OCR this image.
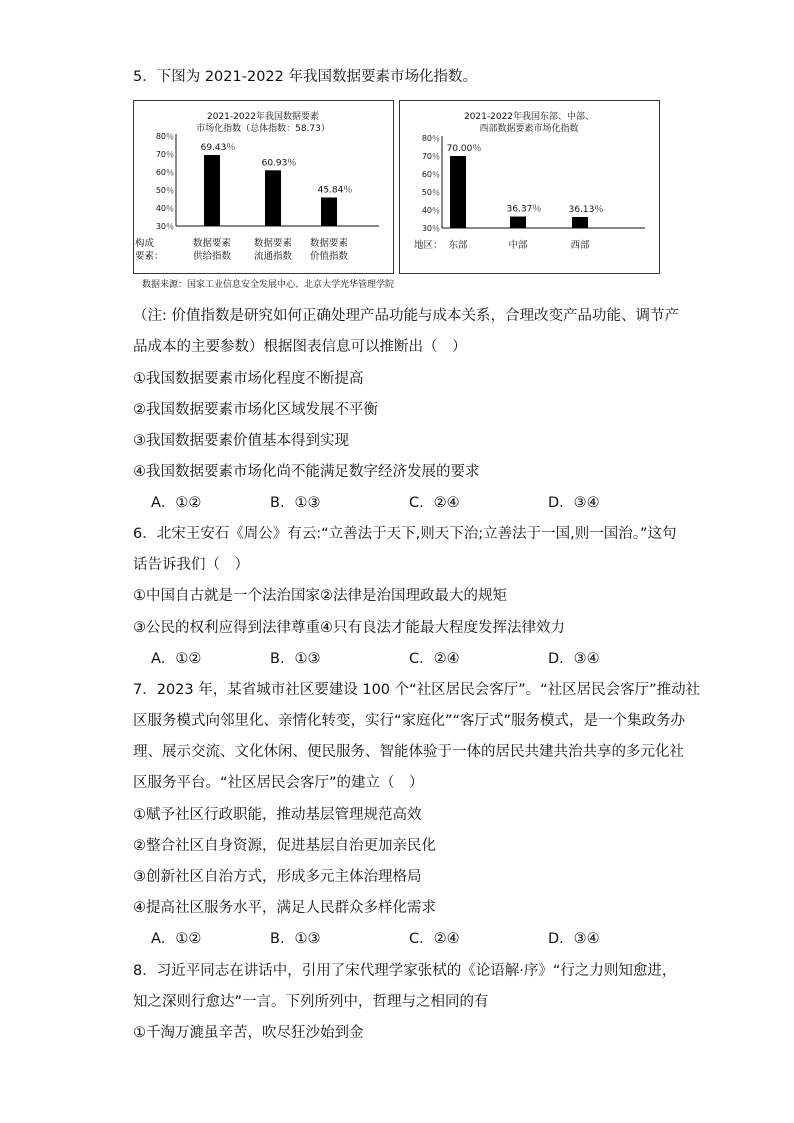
5．下图为 2021-2022 年我国数据要素市场化指数。
2021-2022年我国数据要素
市场化指数（总体指数：58.73）
80％
70％
60％
50％
40％
30％
69.43％
60.93％
45.84％
数据要素
供给指数
数据要素
流通指数
数据要素
价值指数
构成
要素：
2021-2022年我国东部、中部、
西部数据要素市场化指数
80％
70％
60％
50％
40％
30％
70.00％
36.37％	36.13％
东部	中部	西部
地区：
数据来源：国家工业信息安全发展中心、北京大学光华管理学院
（注: 价值指数是研究如何正确处理产品功能与成本关系，合理改变产品功能、调节产
品成本的主要参数）根据图表信息可以推断出（　）
①我国数据要素市场化程度不断提高
②我国数据要素市场化区域发展不平衡
③我国数据要素价值基本得到实现
④我国数据要素市场化尚不能满足数字经济发展的要求
A．①②	B．①③	C．②④	D．③④
6．北宋王安石《周公》有云:“立善法于天下,则天下治;立善法于一国,则一国治。”这句
话告诉我们（　）
①中国自古就是一个法治国家②法律是治国理政最大的规矩
③公民的权利应得到法律尊重④只有良法才能最大程度发挥法律效力
A．①②	B．①③	C．②④	D．③④
7．2023 年，某省城市社区要建设 100 个“社区居民会客厅”。“社区居民会客厅”推动社
区服务模式向邻里化、亲情化转变，实行“家庭化”“客厅式”服务模式，是一个集政务办
理、展示交流、文化休闲、便民服务、智能体验于一体的居民共建共治共享的多元化社
区服务平台。“社区居民会客厅”的建立（　）
①赋予社区行政职能，推动基层管理规范高效
②整合社区自身资源，促进基层自治更加亲民化
③创新社区自治方式，形成多元主体治理格局
④提高社区服务水平，满足人民群众多样化需求
A．①②	B．①③	C．②④	D．③④
8．习近平同志在讲话中，引用了宋代理学家张栻的《论语解·序》“行之力则知愈进，
知之深则行愈达”一言。下列所列中，哲理与之相同的有
①千淘万漉虽辛苦，吹尽狂沙始到金
